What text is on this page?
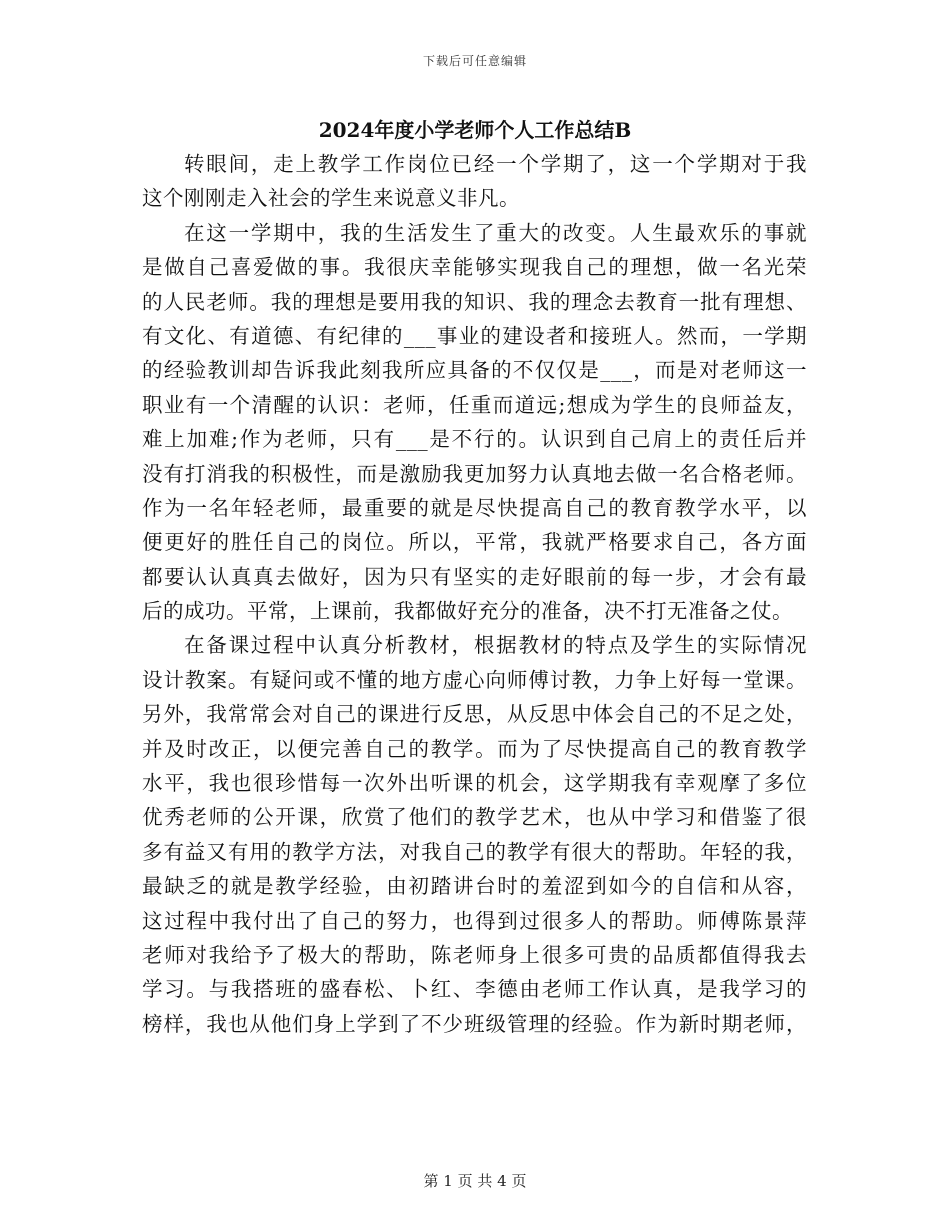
下载后可任意编辑
2024年度小学老师个人工作总结B
转眼间，走上教学工作岗位已经一个学期了，这一个学期对于我
这个刚刚走入社会的学生来说意义非凡。
在这一学期中，我的生活发生了重大的改变。人生最欢乐的事就
是做自己喜爱做的事。我很庆幸能够实现我自己的理想，做一名光荣
的人民老师。我的理想是要用我的知识、我的理念去教育一批有理想、
有文化、有道德、有纪律的___事业的建设者和接班人。然而，一学期
的经验教训却告诉我此刻我所应具备的不仅仅是___，而是对老师这一
职业有一个清醒的认识：老师，任重而道远;想成为学生的良师益友，
难上加难;作为老师，只有___是不行的。认识到自己肩上的责任后并
没有打消我的积极性，而是激励我更加努力认真地去做一名合格老师。
作为一名年轻老师，最重要的就是尽快提高自己的教育教学水平，以
便更好的胜任自己的岗位。所以，平常，我就严格要求自己，各方面
都要认认真真去做好，因为只有坚实的走好眼前的每一步，才会有最
后的成功。平常，上课前，我都做好充分的准备，决不打无准备之仗。
在备课过程中认真分析教材，根据教材的特点及学生的实际情况
设计教案。有疑问或不懂的地方虚心向师傅讨教，力争上好每一堂课。
另外，我常常会对自己的课进行反思，从反思中体会自己的不足之处，
并及时改正，以便完善自己的教学。而为了尽快提高自己的教育教学
水平，我也很珍惜每一次外出听课的机会，这学期我有幸观摩了多位
优秀老师的公开课，欣赏了他们的教学艺术，也从中学习和借鉴了很
多有益又有用的教学方法，对我自己的教学有很大的帮助。年轻的我，
最缺乏的就是教学经验，由初踏讲台时的羞涩到如今的自信和从容，
这过程中我付出了自己的努力，也得到过很多人的帮助。师傅陈景萍
老师对我给予了极大的帮助，陈老师身上很多可贵的品质都值得我去
学习。与我搭班的盛春松、卜红、李德由老师工作认真，是我学习的
榜样，我也从他们身上学到了不少班级管理的经验。作为新时期老师，
第 1 页 共 4 页
